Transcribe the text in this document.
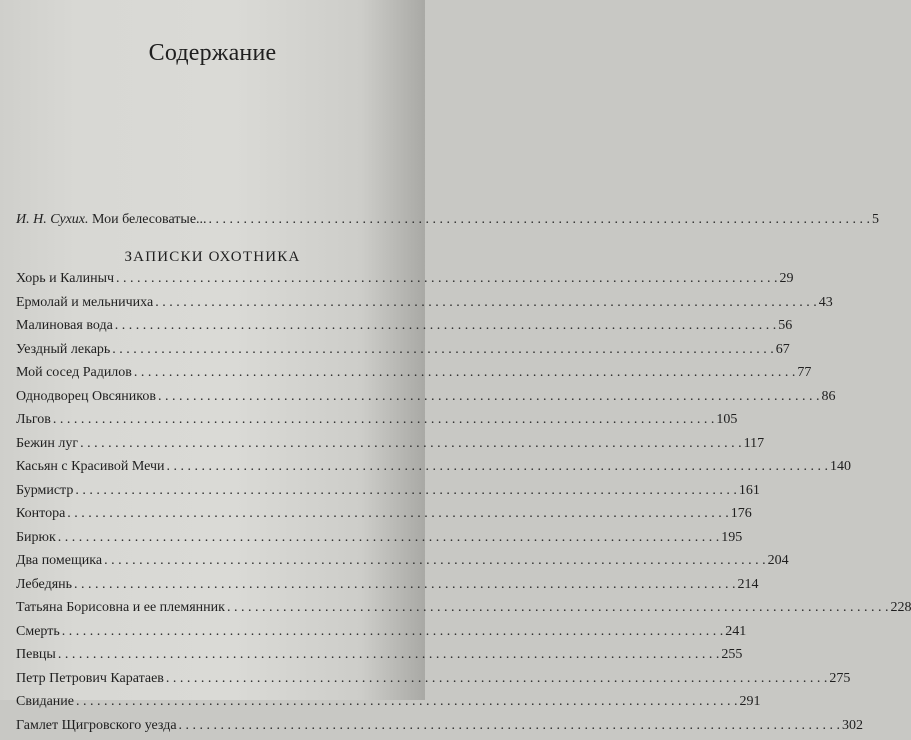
Содержание
И. Н. Сухих. Мои белесоватые... . . .	5
ЗАПИСКИ ОХОТНИКА
Хорь и Калиныч . . .	29
Ермолай и мельничиха . . .	43
Малиновая вода . . .	56
Уездный лекарь . . .	67
Мой сосед Радилов . . .	77
Однодворец Овсяников . . .	86
Льгов . . .	105
Бежин луг . . .	117
Касьян с Красивой Мечи . . .	140
Бурмистр . . .	161
Контора . . .	176
Бирюк . . .	195
Два помещика . . .	204
Лебедянь . . .	214
Татьяна Борисовна и ее племянник . . .	228
Смерть . . .	241
Певцы . . .	255
Петр Петрович Каратаев . . .	275
Свидание . . .	291
Гамлет Щигровского уезда . . .	302
